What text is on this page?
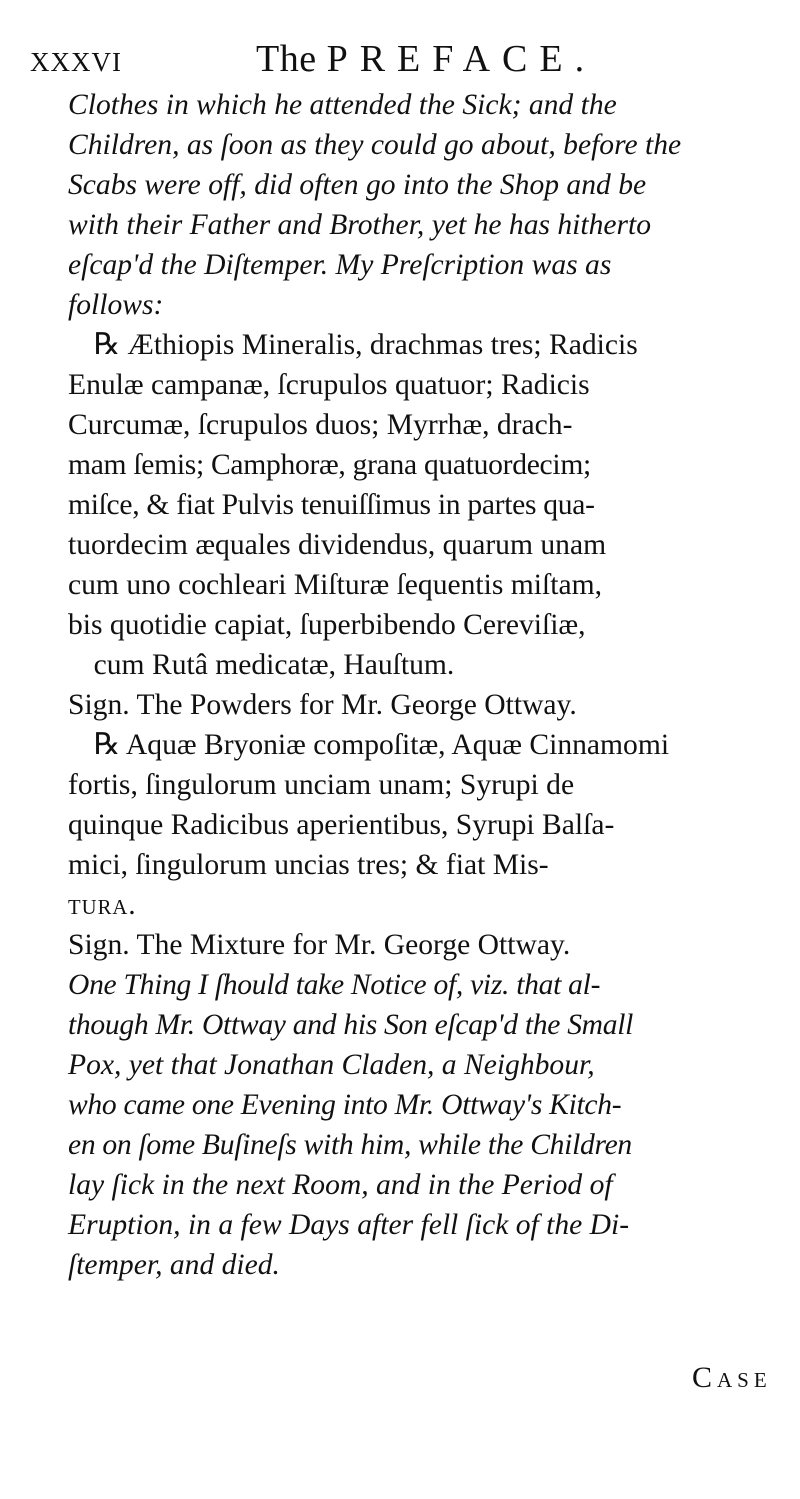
xxxvi	The PREFACE.
Clothes in which he attended the Sick; and the
Children, as ſoon as they could go about, before the
Scabs were off, did often go into the Shop and be
with their Father and Brother, yet he has hitherto
eſcap'd the Diſtemper. My Preſcription was as
follows:
℞ Æthiopis Mineralis, drachmas tres; Radicis
Enulæ campanæ, ſcrupulos quatuor; Radicis
Curcumæ, ſcrupulos duos; Myrrhæ, drach-
mam ſemis; Camphoræ, grana quatuordecim;
miſce, & fiat Pulvis tenuiſſimus in partes qua-
tuordecim æquales dividendus, quarum unam
cum uno cochleari Miſturæ ſequentis miſtam,
bis quotidie capiat, ſuperbibendo Cereviſiæ,
cum Rutâ medicatæ, Hauſtum.
Sign. The Powders for Mr. George Ottway.
℞ Aquæ Bryoniæ compoſitæ, Aquæ Cinnamomi
fortis, ſingulorum unciam unam; Syrupi de
quinque Radicibus aperientibus, Syrupi Balſa-
mici, ſingulorum uncias tres; & fiat Mis-
tura.
Sign. The Mixture for Mr. George Ottway.
One Thing I ſhould take Notice of, viz. that al-
though Mr. Ottway and his Son eſcap'd the Small
Pox, yet that Jonathan Claden, a Neighbour,
who came one Evening into Mr. Ottway's Kitch-
en on ſome Buſineſs with him, while the Children
lay ſick in the next Room, and in the Period of
Eruption, in a few Days after fell ſick of the Di-
ſtemper, and died.
Case
